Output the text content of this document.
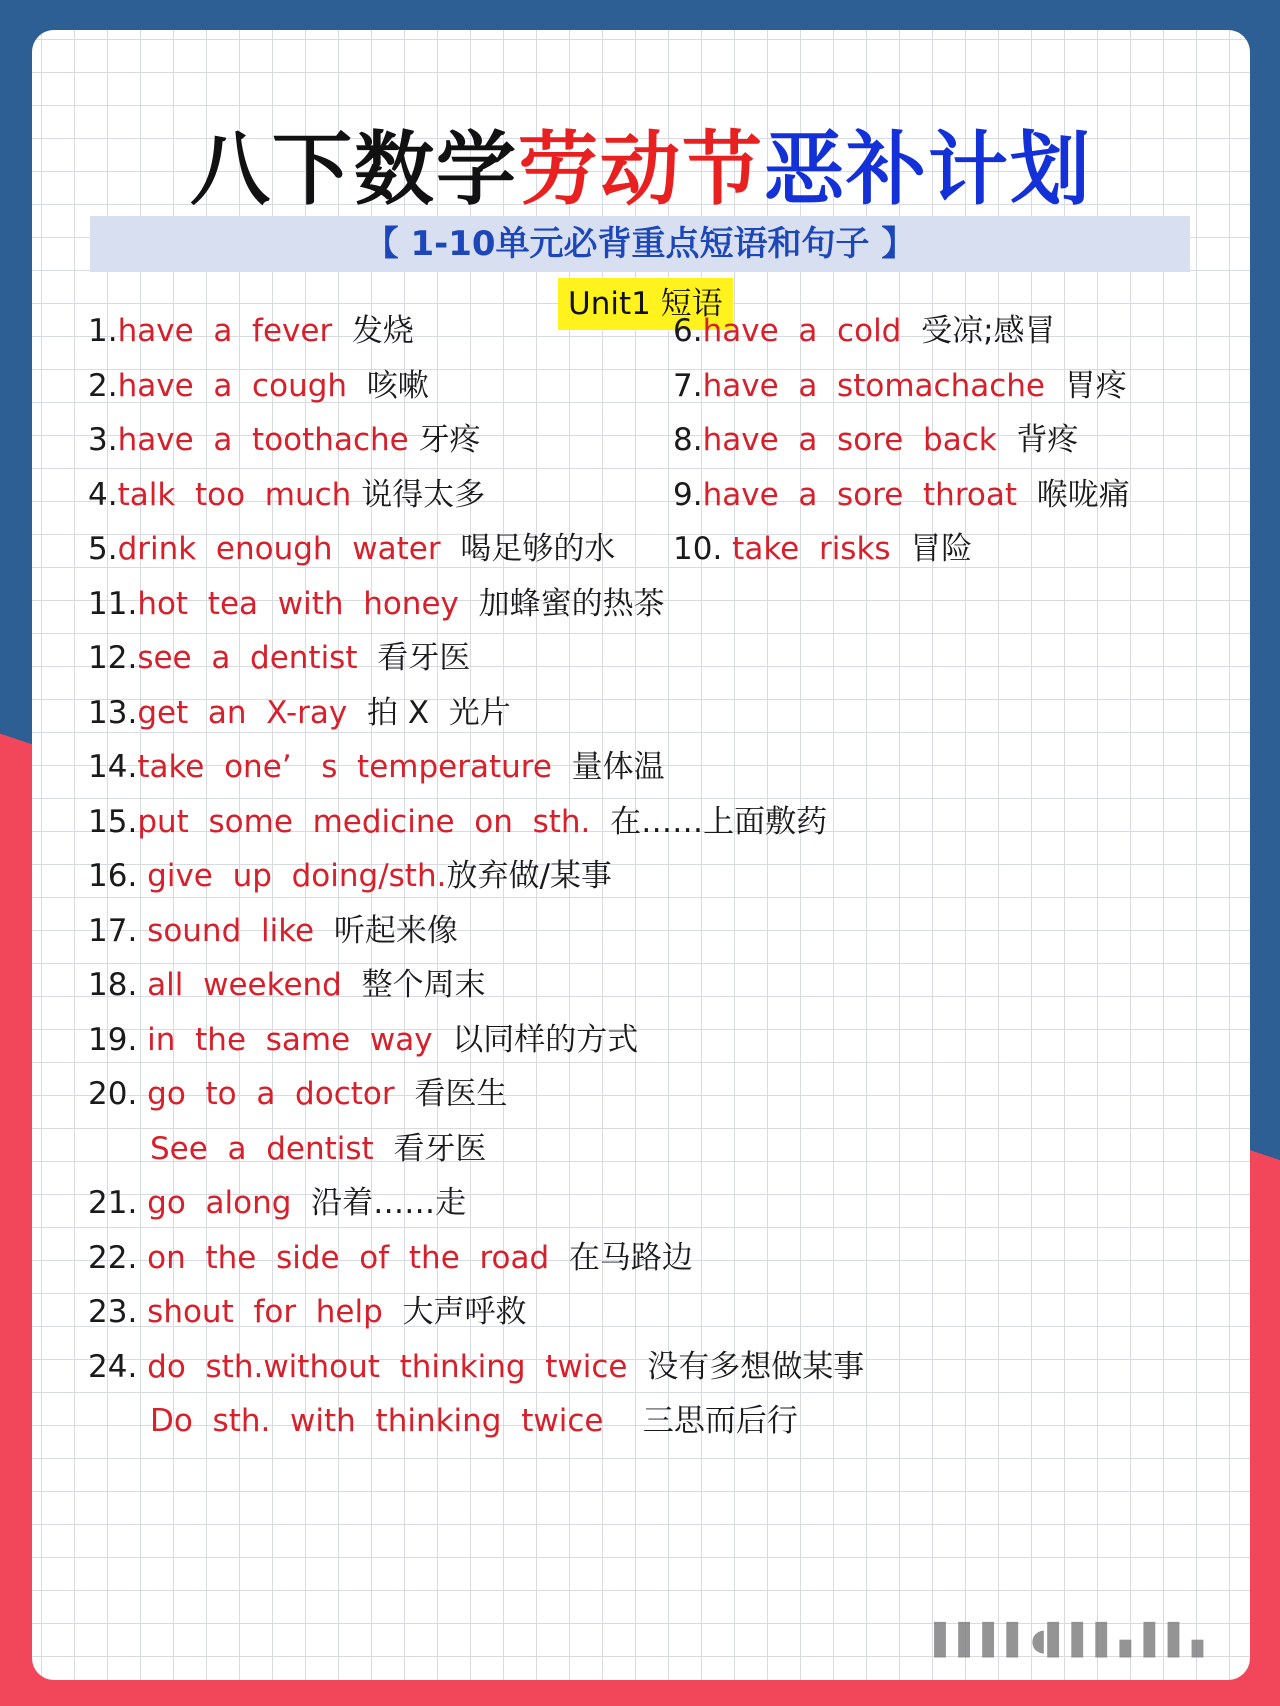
八下数学劳动节恶补计划
【 1-10单元必背重点短语和句子 】
Unit1 短语
1.have  a  fever 发烧
2.have  a  cough 咳嗽
3.have  a  toothache 牙疼
4.talk  too  much 说得太多
5.drink  enough  water 喝足够的水
6.have  a  cold 受凉;感冒
7.have  a  stomachache 胃疼
8.have  a  sore  back 背疼
9.have  a  sore  throat 喉咙痛
10. take  risks 冒险
11.hot  tea  with  honey 加蜂蜜的热茶
12.see  a  dentist 看牙医
13.get  an  X-ray 拍 X  光片
14.take  one’   s  temperature 量体温
15.put  some  medicine  on  sth. 在……上面敷药
16. give  up  doing/sth.放弃做/某事
17. sound  like 听起来像
18. all  weekend 整个周末
19. in  the  same  way 以同样的方式
20. go  to  a  doctor 看医生
See  a  dentist 看牙医
21. go  along 沿着……走
22. on  the  side  of  the  road 在马路边
23. shout  for  help 大声呼救
24. do  sth.without  thinking  twice 没有多想做某事
Do  sth.  with  thinking  twice 三思而后行
▌▌▌▌◖▌▌▌▖▌▌▖
